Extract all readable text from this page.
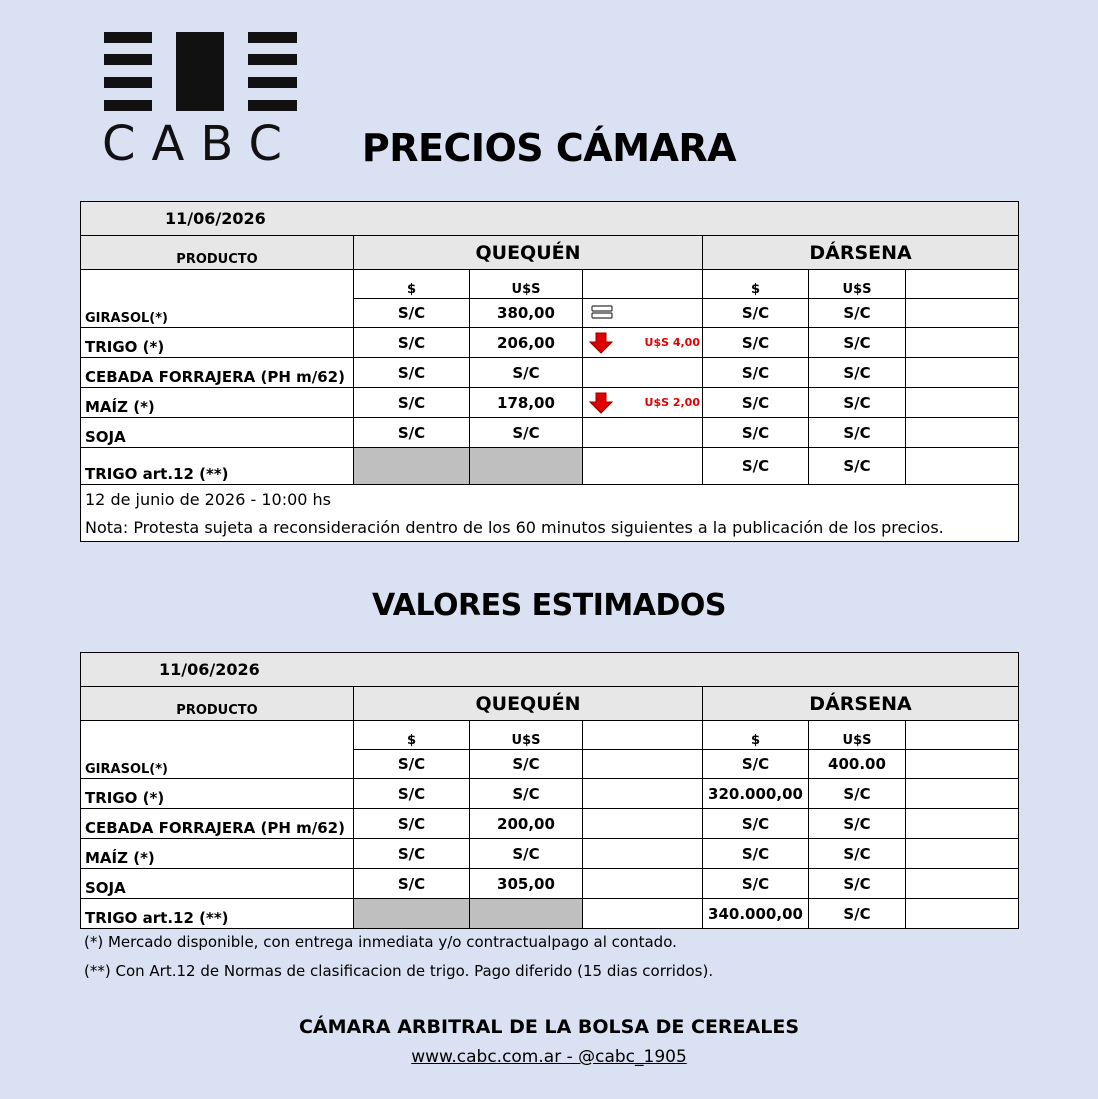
CABC	PRECIOS CÁMARA
11/06/2026						
PRODUCTO	QUEQUÉN			DÁRSENA		
GIRASOL(*)	$	U$S		$	U$S	
	S/C	380,00		S/C	S/C	
TRIGO (*)	S/C	206,00	U$S 4,00	S/C	S/C	
CEBADA FORRAJERA (PH m/62)	S/C	S/C		S/C	S/C	
MAÍZ (*)	S/C	178,00	U$S 2,00	S/C	S/C	
SOJA	S/C	S/C		S/C	S/C	
TRIGO art.12 (**)				S/C	S/C	
12 de junio de 2026 - 10:00 hs						
Nota: Protesta sujeta a reconsideración dentro de los 60 minutos siguientes a la publicación de los precios.						
VALORES ESTIMADOS
11/06/2026						
PRODUCTO	QUEQUÉN			DÁRSENA		
GIRASOL(*)	$	U$S		$	U$S	
	S/C	S/C		S/C	400.00	
TRIGO (*)	S/C	S/C		320.000,00	S/C	
CEBADA FORRAJERA (PH m/62)	S/C	200,00		S/C	S/C	
MAÍZ (*)	S/C	S/C		S/C	S/C	
SOJA	S/C	305,00		S/C	S/C	
TRIGO art.12 (**)				340.000,00	S/C	
(*) Mercado disponible, con entrega inmediata y/o contractualpago al contado.
(**) Con Art.12 de Normas de clasificacion de trigo. Pago diferido (15 dias corridos).
CÁMARA ARBITRAL DE LA BOLSA DE CEREALES
www.cabc.com.ar - @cabc_1905
